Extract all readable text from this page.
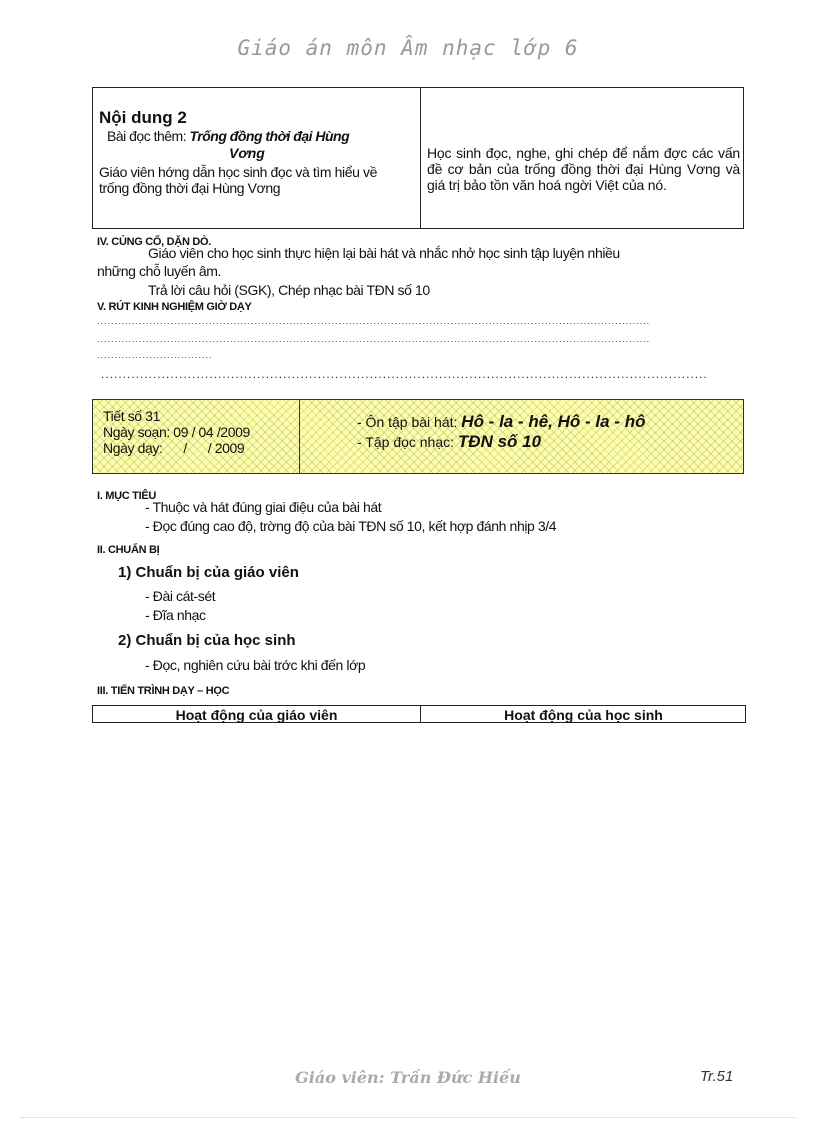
Giáo án môn Âm nhạc lớp 6
Nội dung 2
Bài đọc thêm: Trống đồng thời đại Hùng
Vơng
Giáo viên hớng dẫn học sinh đọc và tìm hiểu về trống đồng thời đại Hùng Vơng
Học sinh đọc, nghe, ghi chép để nắm đợc các vấn đề cơ bản của trống đồng thời đại Hùng Vơng và giá trị bảo tồn văn hoá ngời Việt của nó.
IV. CỦNG CỐ, DẶN DÒ.
Giáo viên cho học sinh thực hiện lại bài hát và nhắc nhở học sinh tập luyện nhiều
những chỗ luyến âm.
Trả lời câu hỏi (SGK), Chép nhạc bài TĐN số 10
V. RÚT KINH NGHIỆM GIỜ DẠY
..............................................................................................................................................................
..............................................................................................................................................................
.................................
............................................................................................................................................
Tiết số 31
Ngày soạn: 09 / 04 /2009
Ngày dạy:      /      / 2009
- Ôn tập bài hát: Hô - la - hê, Hô - la - hô
- Tập đọc nhạc: TĐN số 10
I. MỤC TIÊU
- Thuộc và hát đúng giai điệu của bài hát
- Đọc đúng cao độ, trờng độ của bài TĐN số 10, kết hợp đánh nhịp 3/4
II. CHUẨN BỊ
1) Chuẩn bị của giáo viên
- Đài cát-sét
- Đĩa nhạc
2) Chuẩn bị của học sinh
- Đọc, nghiên cứu bài trớc khi đến lớp
III. TIẾN TRÌNH DẠY – HỌC
Hoạt động của giáo viên	Hoạt động của học sinh
Giáo viên: Trần Đức Hiếu	Tr.51
